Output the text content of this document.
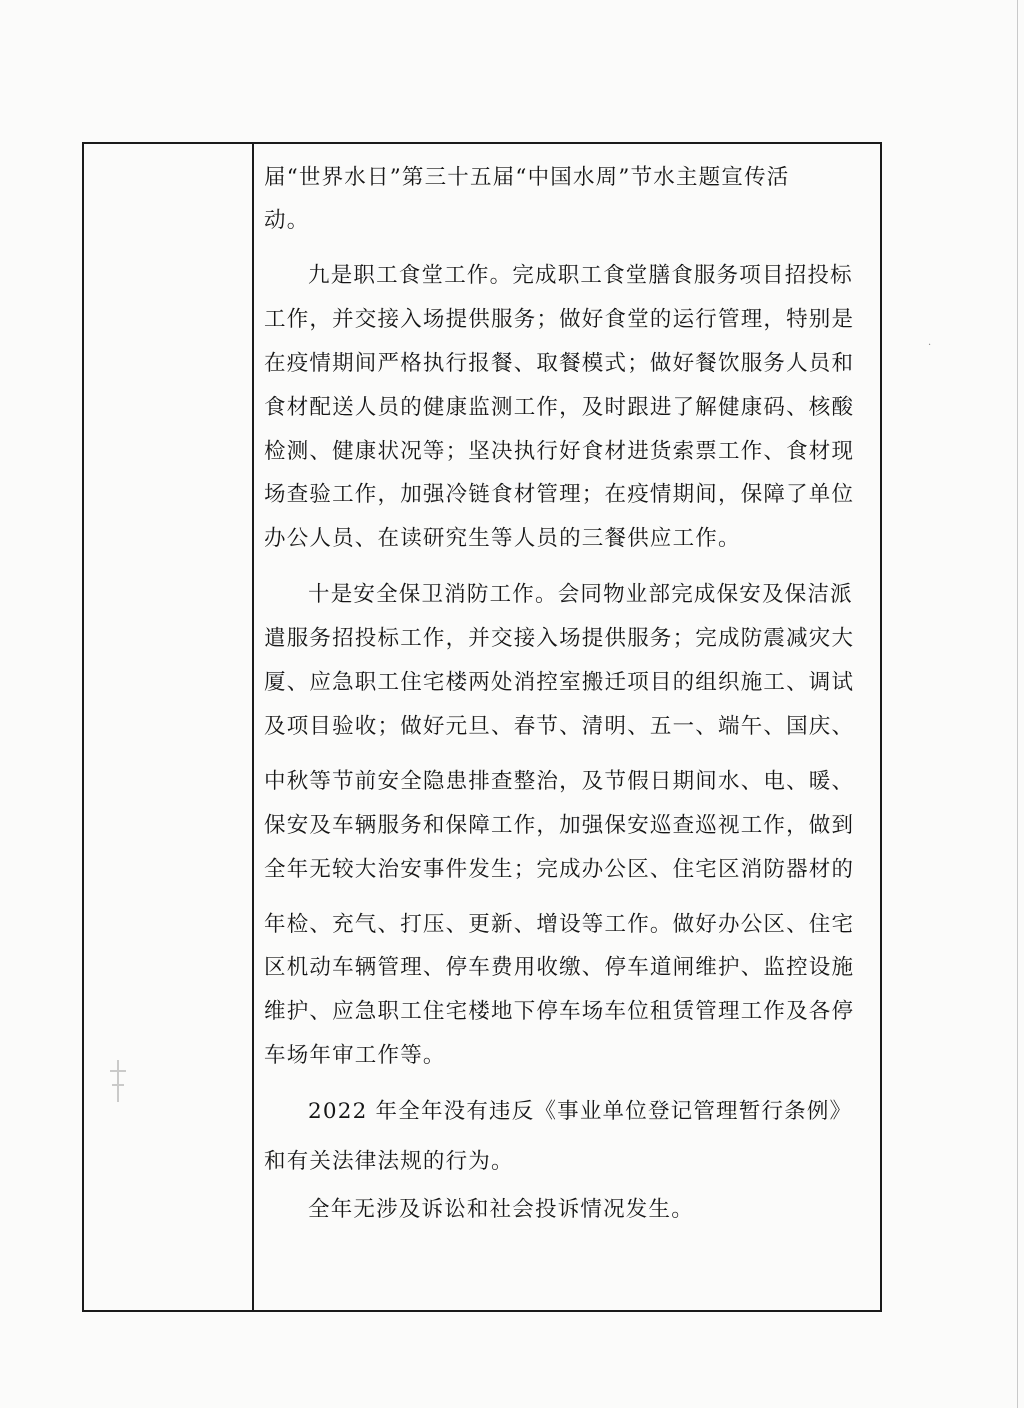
届“世界水日”第三十五届“中国水周”节水主题宣传活
动。
九是职工食堂工作。完成职工食堂膳食服务项目招投标
工作，并交接入场提供服务；做好食堂的运行管理，特别是
在疫情期间严格执行报餐、取餐模式；做好餐饮服务人员和
食材配送人员的健康监测工作，及时跟进了解健康码、核酸
检测、健康状况等；坚决执行好食材进货索票工作、食材现
场查验工作，加强冷链食材管理；在疫情期间，保障了单位
办公人员、在读研究生等人员的三餐供应工作。
十是安全保卫消防工作。会同物业部完成保安及保洁派
遣服务招投标工作，并交接入场提供服务；完成防震减灾大
厦、应急职工住宅楼两处消控室搬迁项目的组织施工、调试
及项目验收；做好元旦、春节、清明、五一、端午、国庆、
中秋等节前安全隐患排查整治，及节假日期间水、电、暖、
保安及车辆服务和保障工作，加强保安巡查巡视工作，做到
全年无较大治安事件发生；完成办公区、住宅区消防器材的
年检、充气、打压、更新、增设等工作。做好办公区、住宅
区机动车辆管理、停车费用收缴、停车道闸维护、监控设施
维护、应急职工住宅楼地下停车场车位租赁管理工作及各停
车场年审工作等。
2022 年全年没有违反《事业单位登记管理暂行条例》
和有关法律法规的行为。
全年无涉及诉讼和社会投诉情况发生。
·
